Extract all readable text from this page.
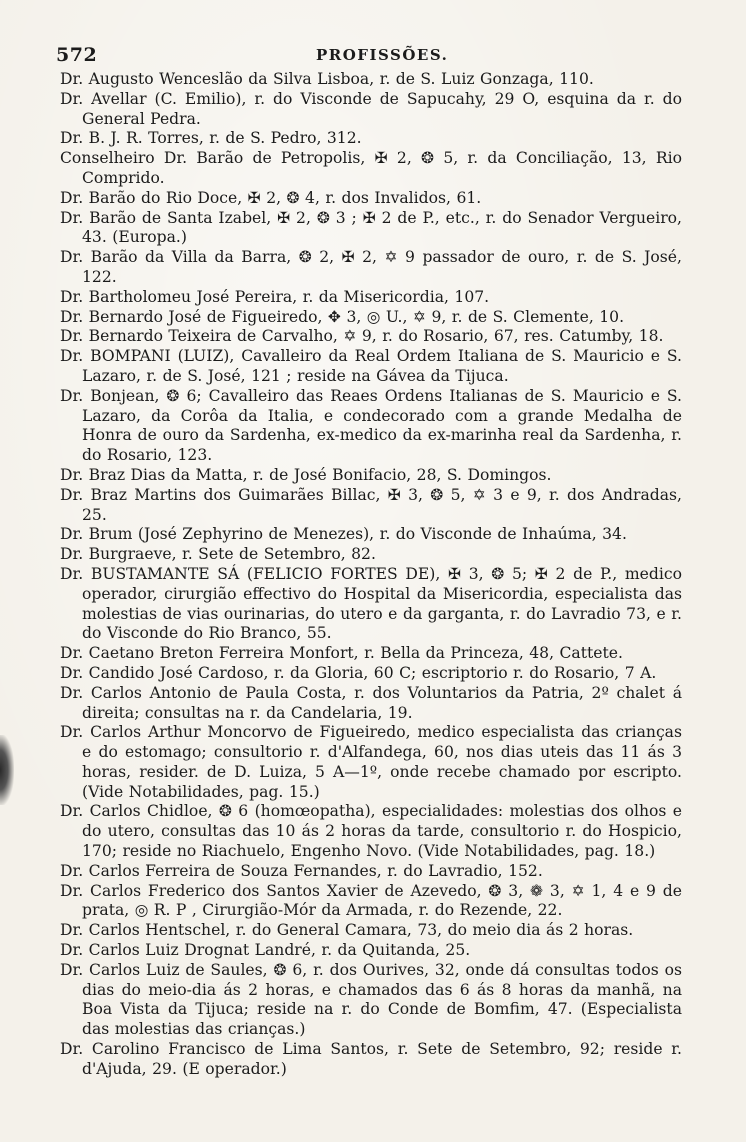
572	PROFISSÕES.

Dr. Augusto Wenceslão da Silva Lisboa, r. de S. Luiz Gonzaga, 110.

Dr. Avellar (C. Emilio), r. do Visconde de Sapucahy, 29 O, esquina da r. do General Pedra.

Dr. B. J. R. Torres, r. de S. Pedro, 312.

Conselheiro Dr. Barão de Petropolis, ✠ 2, ❂ 5, r. da Conciliação, 13, Rio Comprido.

Dr. Barão do Rio Doce, ✠ 2, ❂ 4, r. dos Invalidos, 61.

Dr. Barão de Santa Izabel, ✠ 2, ❂ 3 ; ✠ 2 de P., etc., r. do Senador Vergueiro, 43. (Europa.)

Dr. Barão da Villa da Barra, ❂ 2, ✠ 2, ✡ 9 passador de ouro, r. de S. José, 122.

Dr. Bartholomeu José Pereira, r. da Misericordia, 107.

Dr. Bernardo José de Figueiredo, ✥ 3, ◎ U., ✡ 9, r. de S. Clemente, 10.

Dr. Bernardo Teixeira de Carvalho, ✡ 9, r. do Rosario, 67, res. Catumby, 18.

Dr. BOMPANI (LUIZ), Cavalleiro da Real Ordem Italiana de S. Mauricio e S. Lazaro, r. de S. José, 121 ; reside na Gávea da Tijuca.

Dr. Bonjean, ❂ 6; Cavalleiro das Reaes Ordens Italianas de S. Mauricio e S. Lazaro, da Corôa da Italia, e condecorado com a grande Medalha de Honra de ouro da Sardenha, ex-medico da ex-marinha real da Sardenha, r. do Rosario, 123.

Dr. Braz Dias da Matta, r. de José Bonifacio, 28, S. Domingos.

Dr. Braz Martins dos Guimarães Billac, ✠ 3, ❂ 5, ✡ 3 e 9, r. dos Andradas, 25.

Dr. Brum (José Zephyrino de Menezes), r. do Visconde de Inhaúma, 34.

Dr. Burgraeve, r. Sete de Setembro, 82.

Dr. BUSTAMANTE SÁ (FELICIO FORTES DE), ✠ 3, ❂ 5; ✠ 2 de P., medico operador, cirurgião effectivo do Hospital da Misericordia, especialista das molestias de vias ourinarias, do utero e da garganta, r. do Lavradio 73, e r. do Visconde do Rio Branco, 55.

Dr. Caetano Breton Ferreira Monfort, r. Bella da Princeza, 48, Cattete.

Dr. Candido José Cardoso, r. da Gloria, 60 C; escriptorio r. do Rosario, 7 A.

Dr. Carlos Antonio de Paula Costa, r. dos Voluntarios da Patria, 2º chalet á direita; consultas na r. da Candelaria, 19.

Dr. Carlos Arthur Moncorvo de Figueiredo, medico especialista das crianças e do estomago; consultorio r. d'Alfandega, 60, nos dias uteis das 11 ás 3 horas, resider. de D. Luiza, 5 A—1º, onde recebe chamado por escripto. (Vide Notabilidades, pag. 15.)

Dr. Carlos Chidloe, ❂ 6 (homœopatha), especialidades: molestias dos olhos e do utero, consultas das 10 ás 2 horas da tarde, consultorio r. do Hospicio, 170; reside no Riachuelo, Engenho Novo. (Vide Notabilidades, pag. 18.)

Dr. Carlos Ferreira de Souza Fernandes, r. do Lavradio, 152.

Dr. Carlos Frederico dos Santos Xavier de Azevedo, ❂ 3, ❁ 3, ✡ 1, 4 e 9 de prata, ◎ R. P , Cirurgião-Mór da Armada, r. do Rezende, 22.

Dr. Carlos Hentschel, r. do General Camara, 73, do meio dia ás 2 horas.

Dr. Carlos Luiz Drognat Landré, r. da Quitanda, 25.

Dr. Carlos Luiz de Saules, ❂ 6, r. dos Ourives, 32, onde dá consultas todos os dias do meio-dia ás 2 horas, e chamados das 6 ás 8 horas da manhã, na Boa Vista da Tijuca; reside na r. do Conde de Bomfim, 47. (Especialista das molestias das crianças.)

Dr. Carolino Francisco de Lima Santos, r. Sete de Setembro, 92; reside r. d'Ajuda, 29. (E operador.)
